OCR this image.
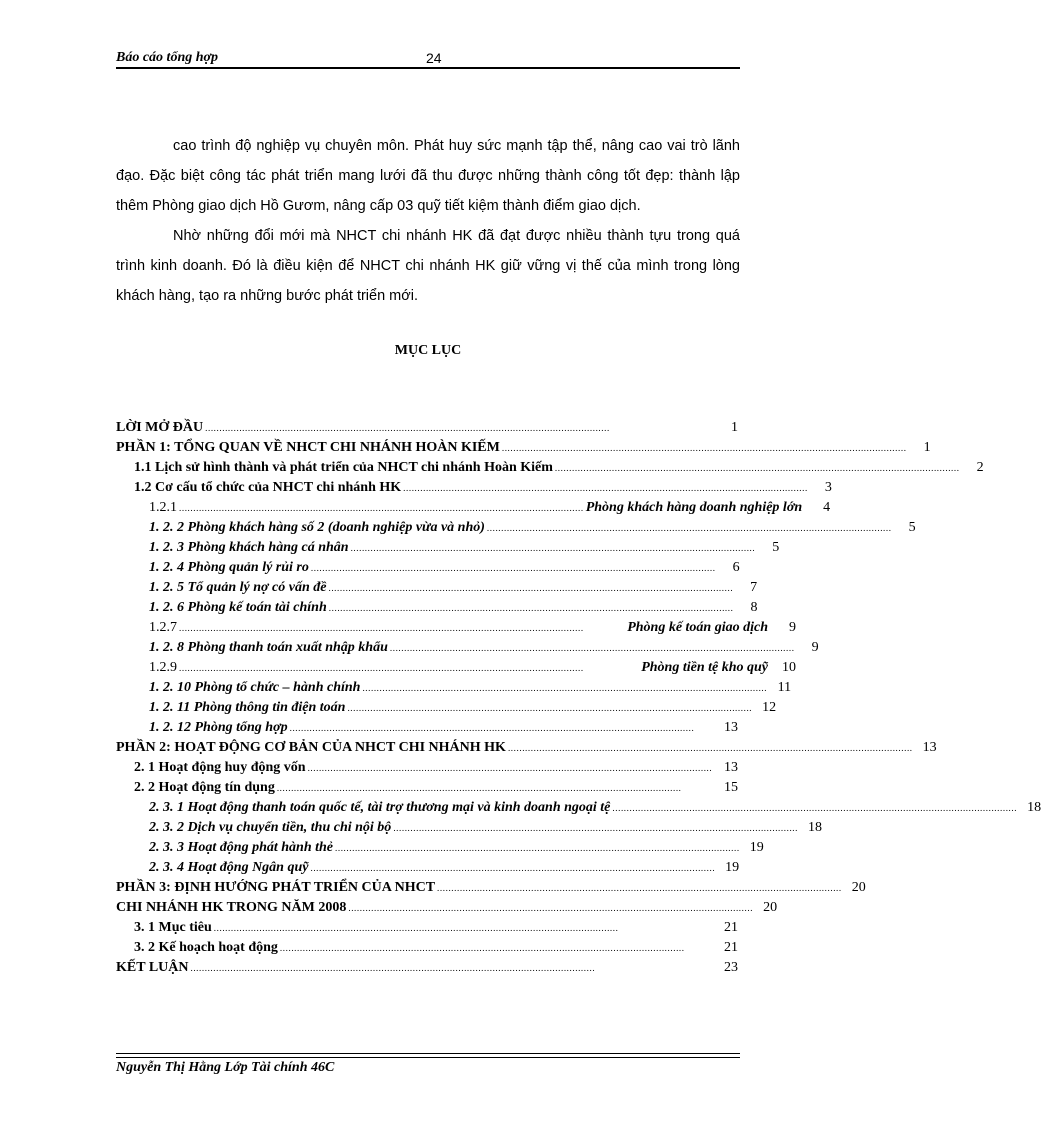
Báo cáo tổng hợp	24

cao trình độ nghiệp vụ chuyên môn. Phát huy sức mạnh tập thể, nâng cao vai trò lãnh đạo. Đặc biệt công tác phát triển mang lưới đã thu được những thành công tốt đẹp: thành lập thêm Phòng giao dịch Hồ Gươm, nâng cấp 03 quỹ tiết kiệm thành điểm giao dịch.

Nhờ những đổi mới mà NHCT chi nhánh HK đã đạt được nhiều thành tựu trong quá trình kinh doanh. Đó là điều kiện để NHCT chi nhánh HK giữ vững vị thế của mình trong lòng khách hàng, tạo ra những bước phát triển mới.

MỤC LỤC
LỜI MỞ ĐẦU ..............................................................................................................................................	1
PHẦN 1: TỔNG QUAN VỀ NHCT CHI NHÁNH HOÀN KIẾM ..............................................................................................................................................	1
1.1 Lịch sử hình thành và phát triển của NHCT chi nhánh Hoàn Kiếm ..............................................................................................................................................	2
1.2 Cơ cấu tổ chức của NHCT chi nhánh HK ..............................................................................................................................................	3
1.2.1 .............................................................................................................................................. Phòng khách hàng doanh nghiệp lớn	4
1. 2. 2 Phòng khách hàng số 2 (doanh nghiệp vừa và nhỏ) ..............................................................................................................................................	5
1. 2. 3 Phòng khách hàng cá nhân ..............................................................................................................................................	5
1. 2. 4 Phòng quản lý rủi ro ..............................................................................................................................................	6
1. 2. 5 Tổ quản lý nợ có vấn đề ..............................................................................................................................................	7
1. 2. 6 Phòng kế toán tài chính ..............................................................................................................................................	8
1.2.7 ..............................................................................................................................................	Phòng kế toán giao dịch	9
1. 2. 8 Phòng thanh toán xuất nhập khẩu ..............................................................................................................................................	9
1.2.9 ..............................................................................................................................................	Phòng tiền tệ kho quỹ	10
1. 2. 10 Phòng tổ chức – hành chính .............................................................................................................................................. 11
1. 2. 11 Phòng thông tin điện toán .............................................................................................................................................. 12
1. 2. 12 Phòng tổng hợp ..............................................................................................................................................	13
PHẦN 2: HOẠT ĐỘNG CƠ BẢN CỦA NHCT CHI NHÁNH HK .............................................................................................................................................. 13
2. 1 Hoạt động huy động vốn .............................................................................................................................................. 13
2. 2 Hoạt động tín dụng ..............................................................................................................................................	15
2. 3. 1 Hoạt động thanh toán quốc tế, tài trợ thương mại và kinh doanh ngoại tệ .............................................................................................................................................. 18
2. 3. 2 Dịch vụ chuyển tiền, thu chi nội bộ .............................................................................................................................................. 18
2. 3. 3 Hoạt động phát hành thẻ .............................................................................................................................................. 19
2. 3. 4 Hoạt động Ngân quỹ .............................................................................................................................................. 19
PHẦN 3: ĐỊNH HƯỚNG PHÁT TRIỂN CỦA NHCT .............................................................................................................................................. 20
CHI NHÁNH HK TRONG NĂM 2008 .............................................................................................................................................. 20
3. 1 Mục tiêu ..............................................................................................................................................	21
3. 2 Kế hoạch hoạt động ..............................................................................................................................................	21
KẾT LUẬN ..............................................................................................................................................	23
Nguyễn Thị Hằng Lớp Tài chính 46C
